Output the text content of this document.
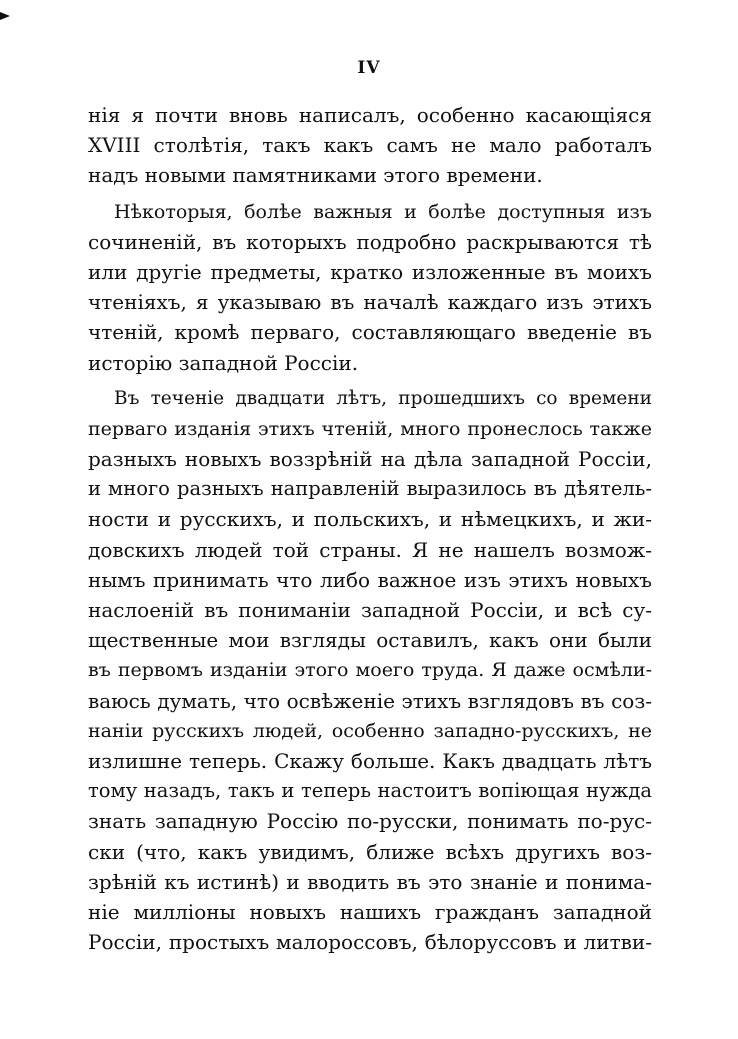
IV
нія я почти вновь написалъ, особенно касающіяся
XVIII столѣтія, такъ какъ самъ не мало работалъ
надъ новыми памятниками этого времени.
Нѣкоторыя, болѣе важныя и болѣе доступныя изъ
сочиненій, въ которыхъ подробно раскрываются тѣ
или другіе предметы, кратко изложенные въ моихъ
чтеніяхъ, я указываю въ началѣ каждаго изъ этихъ
чтеній, кромѣ перваго, составляющаго введеніе въ
исторію западной Россіи.
Въ теченіе двадцати лѣтъ, прошедшихъ со времени
перваго изданія этихъ чтеній, много пронеслось также
разныхъ новыхъ воззрѣній на дѣла западной Россіи,
и много разныхъ направленій выразилось въ дѣятель-
ности и русскихъ, и польскихъ, и нѣмецкихъ, и жи-
довскихъ людей той страны. Я не нашелъ возмож-
нымъ принимать что либо важное изъ этихъ новыхъ
наслоеній въ пониманіи западной Россіи, и всѣ су-
щественные мои взгляды оставилъ, какъ они были
въ первомъ изданіи этого моего труда. Я даже осмѣли-
ваюсь думать, что освѣженіе этихъ взглядовъ въ соз-
наніи русскихъ людей, особенно западно-русскихъ, не
излишне теперь. Скажу больше. Какъ двадцать лѣтъ
тому назадъ, такъ и теперь настоитъ вопіющая нужда
знать западную Россію по-русски, понимать по-рус-
ски (что, какъ увидимъ, ближе всѣхъ другихъ воз-
зрѣній къ истинѣ) и вводить въ это знаніе и понима-
ніе милліоны новыхъ нашихъ гражданъ западной
Россіи, простыхъ малороссовъ, бѣлоруссовъ и литви-
